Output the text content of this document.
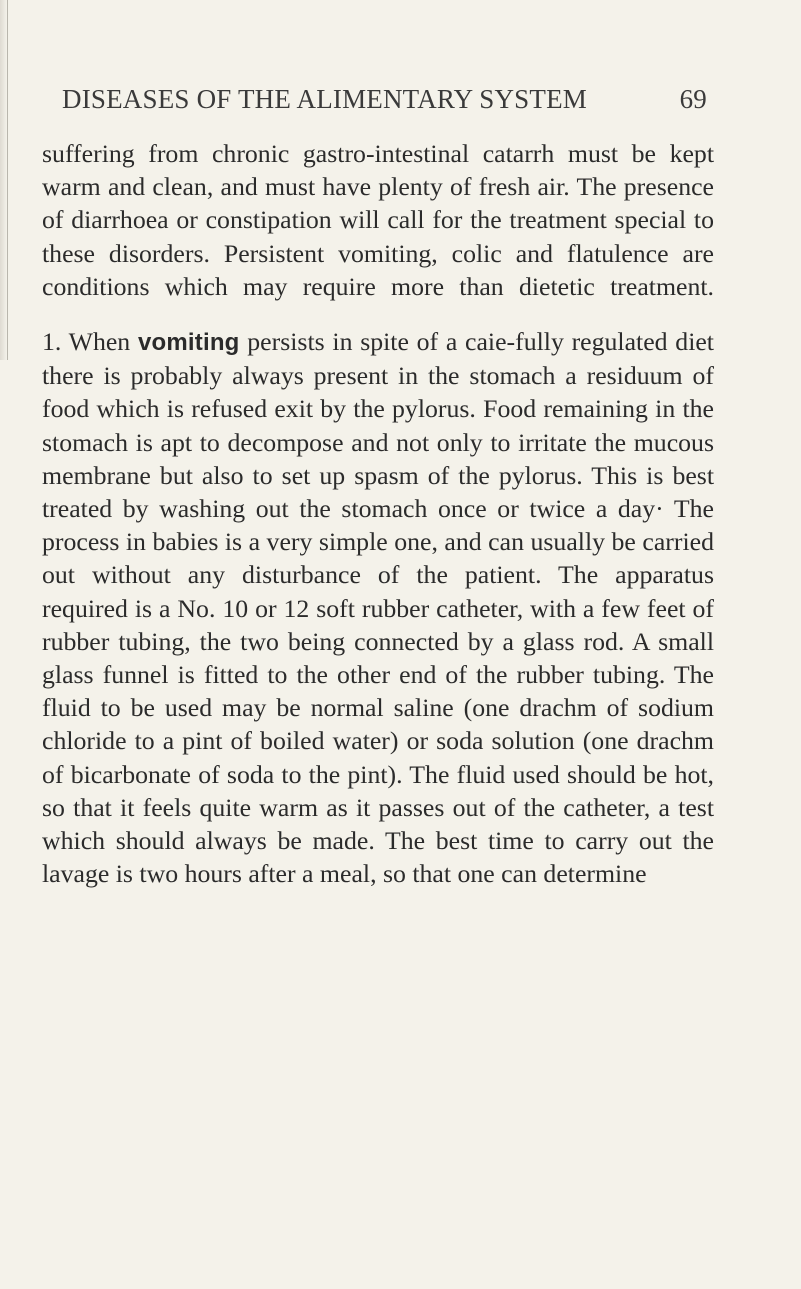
DISEASES OF THE ALIMENTARY SYSTEM	69

suffering from chronic gastro-intestinal catarrh must be kept warm and clean, and must have plenty of fresh air. The presence of diarrhoea or constipation will call for the treatment special to these disorders. Persistent vomiting, colic and flatulence are conditions which may require more than dietetic treatment.

1. When vomiting persists in spite of a caie-fully regulated diet there is probably always present in the stomach a residuum of food which is refused exit by the pylorus. Food remaining in the stomach is apt to decompose and not only to irritate the mucous membrane but also to set up spasm of the pylorus. This is best treated by washing out the stomach once or twice a day· The process in babies is a very simple one, and can usually be carried out without any disturbance of the patient. The apparatus required is a No. 10 or 12 soft rubber catheter, with a few feet of rubber tubing, the two being connected by a glass rod. A small glass funnel is fitted to the other end of the rubber tubing. The fluid to be used may be normal saline (one drachm of sodium chloride to a pint of boiled water) or soda solution (one drachm of bicarbonate of soda to the pint). The fluid used should be hot, so that it feels quite warm as it passes out of the catheter, a test which should always be made. The best time to carry out the lavage is two hours after a meal, so that one can determine
